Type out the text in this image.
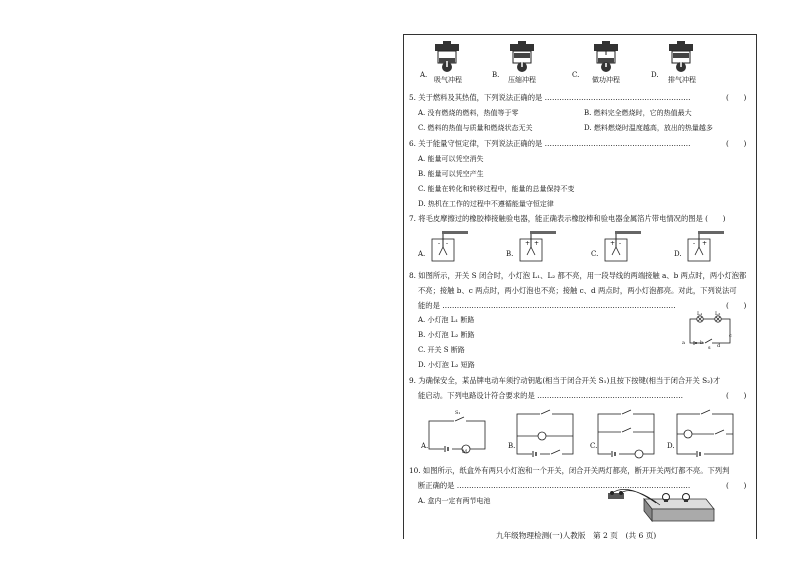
A.
吸气冲程
B.
压缩冲程
C.
做功冲程
D.
排气冲程
5. 关于燃料及其热值，下列说法正确的是 ……………………………………………………	(　　)
A. 没有燃烧的燃料，热值等于零	B. 燃料完全燃烧时，它的热值最大
C. 燃料的热值与质量和燃烧状态无关	D. 燃料燃烧时温度越高，放出的热量越多
6. 关于能量守恒定律，下列说法正确的是 ……………………………………………………	(　　)
A. 能量可以凭空消失
B. 能量可以凭空产生
C. 能量在转化和转移过程中，能量的总量保持不变
D. 热机在工作的过程中不遵循能量守恒定律
7. 将毛皮摩擦过的橡胶棒接触验电器，能正确表示橡胶棒和验电器金属箔片带电情况的图是 (　　)
A.	B.	C.	D.
- -	+ +	+ -	- +
8. 如图所示，开关 S 闭合时，小灯泡 L₁、L₂ 都不亮，用一段导线的两端接触 a、b 两点时，两小灯泡都
不亮；接触 b、c 两点时，两小灯泡也不亮；接触 c、d 两点时，两小灯泡都亮。对此，下列说法可
能的是 ……………………………………………………………………………………	(　　)
A. 小灯泡 L₁ 断路
B. 小灯泡 L₂ 断路
C. 开关 S 断路
D. 小灯泡 L₂ 短路
L₁	L₂
a	b
c
d
s
9. 为确保安全，某品牌电动车须拧动钥匙(相当于闭合开关 S₁)且按下按键(相当于闭合开关 S₂)才
能启动。下列电路设计符合要求的是 ……………………………………………………	(　　)
A.	B.	C.	D.
S₁
M
10. 如图所示，纸盒外有两只小灯泡和一个开关，闭合开关两灯都亮，断开开关两灯都不亮。下列判
断正确的是 ……………………………………………………………………………………	(　　)
A. 盒内一定有两节电池
九年级物理检测(一)人教版　第 2 页　(共 6 页)
